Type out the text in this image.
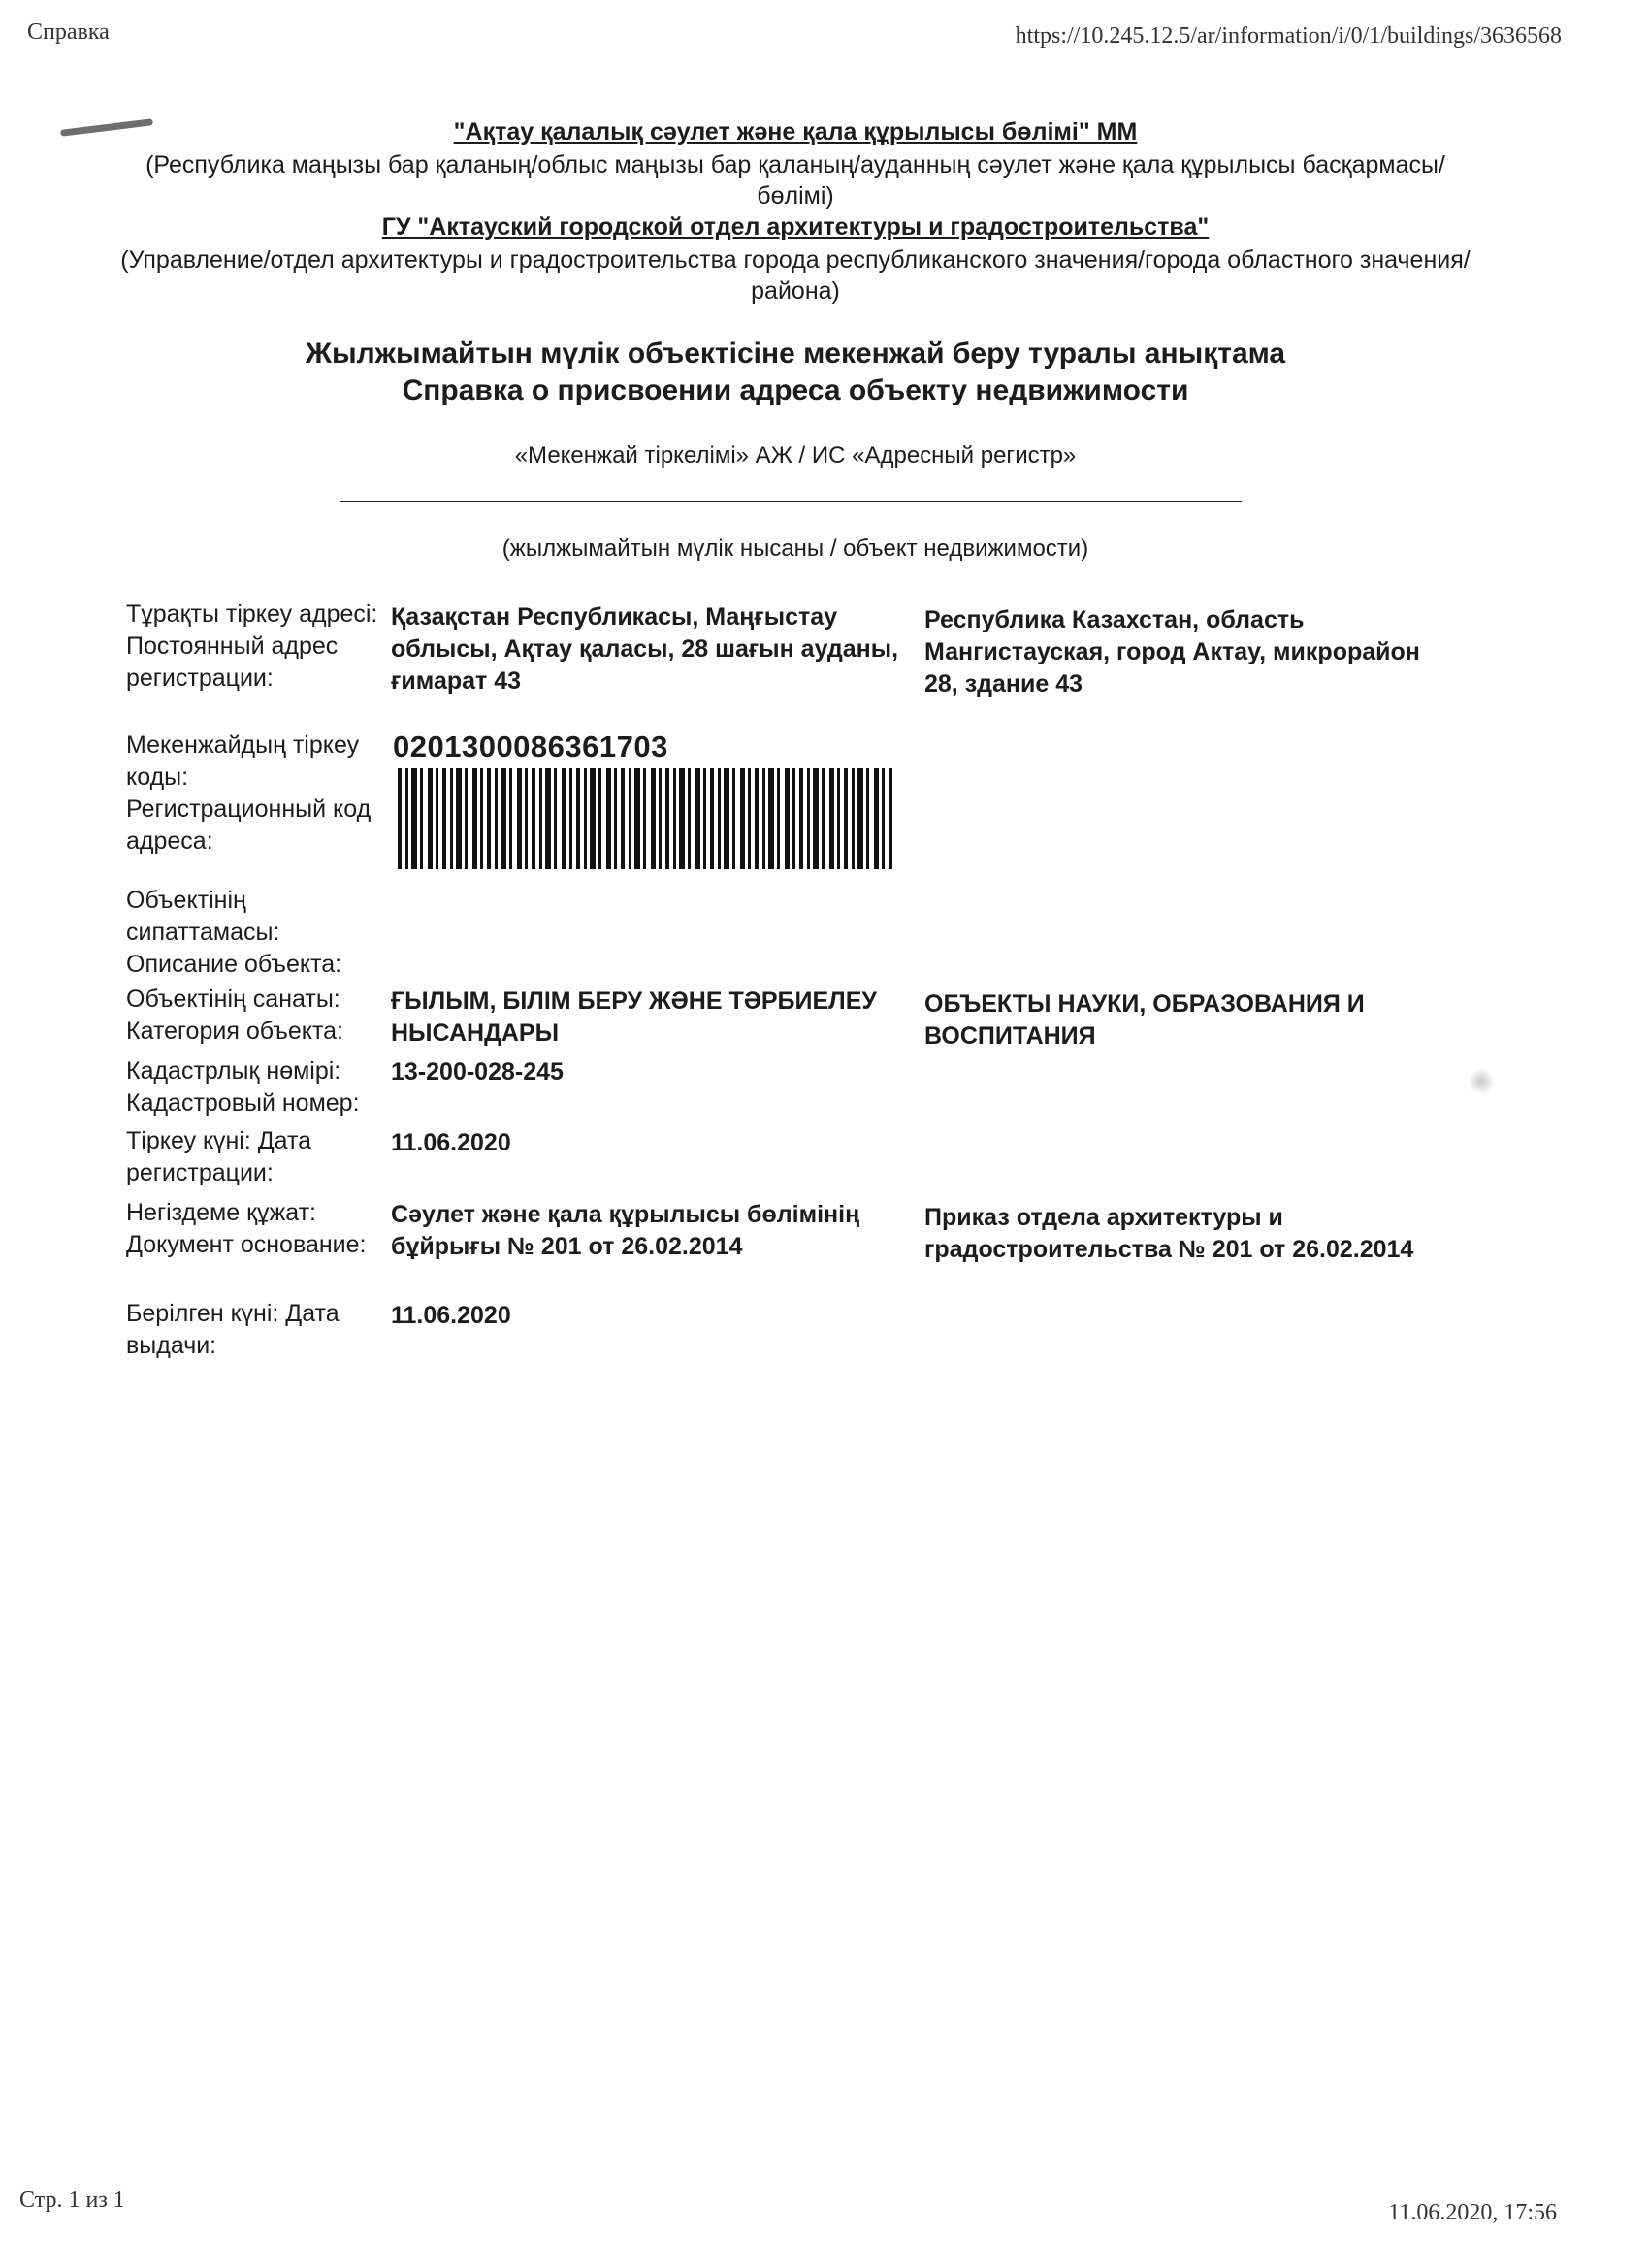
Справка	https://10.245.12.5/ar/information/i/0/1/buildings/3636568
"Ақтау қалалық сәулет және қала құрылысы бөлімі" ММ
(Республика маңызы бар қаланың/облыс маңызы бар қаланың/ауданның сәулет және қала құрылысы басқармасы/бөлімі)
ГУ "Актауский городской отдел архитектуры и градостроительства"
(Управление/отдел архитектуры и градостроительства города республиканского значения/города областного значения/района)
Жылжымайтын мүлік объектісіне мекенжай беру туралы анықтама
Справка о присвоении адреса объекту недвижимости
«Мекенжай тіркелімі» АЖ / ИС «Адресный регистр»
(жылжымайтын мүлік нысаны / объект недвижимости)
Тұрақты тіркеу адресі: Постоянный адрес регистрации:
Қазақстан Республикасы, Маңғыстау облысы, Ақтау қаласы, 28 шағын ауданы, ғимарат 43
Республика Казахстан, область Мангистауская, город Актау, микрорайон 28, здание 43
Мекенжайдың тіркеу коды: Регистрационный код адреса:
0201300086361703
Объектінің сипаттамасы: Описание объекта:
Объектінің санаты: Категория объекта:
ҒЫЛЫМ, БІЛІМ БЕРУ ЖӘНЕ ТӘРБИЕЛЕУ НЫСАНДАРЫ
ОБЪЕКТЫ НАУКИ, ОБРАЗОВАНИЯ И ВОСПИТАНИЯ
Кадастрлық нөмірі: Кадастровый номер:
13-200-028-245
Тіркеу күні: Дата регистрации:
11.06.2020
Негіздеме құжат: Документ основание:
Сәулет және қала құрылысы бөлімінің бұйрығы № 201 от 26.02.2014
Приказ отдела архитектуры и градостроительства № 201 от 26.02.2014
Берілген күні: Дата выдачи:
11.06.2020
Стр. 1 из 1	11.06.2020, 17:56
